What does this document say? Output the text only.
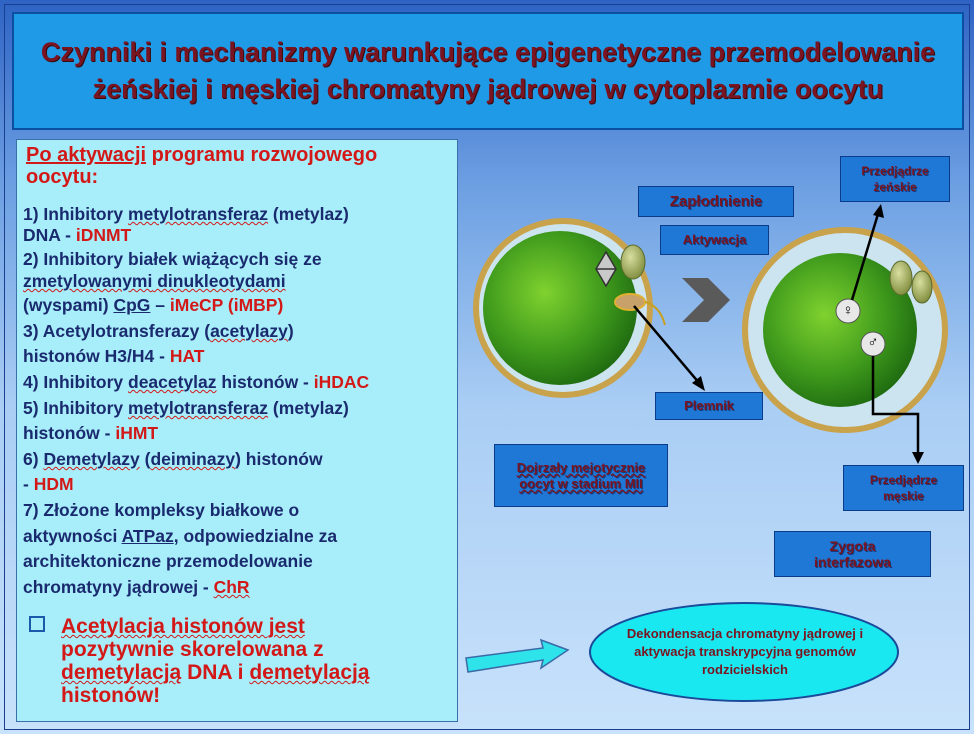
Czynniki i mechanizmy warunkujące epigenetyczne przemodelowanie żeńskiej i męskiej chromatyny jądrowej w cytoplazmie oocytu
Po aktywacji programu rozwojowego
oocytu:
1) Inhibitory metylotransferaz (metylaz)
DNA - iDNMT
2) Inhibitory białek wiążących się ze
zmetylowanymi dinukleotydami
(wyspami) CpG – iMeCP (iMBP)
3) Acetylotransferazy (acetylazy)
histonów H3/H4 - HAT
4) Inhibitory deacetylaz histonów - iHDAC
5) Inhibitory metylotransferaz (metylaz)
histonów - iHMT
6) Demetylazy (deiminazy) histonów
- HDM
7) Złożone kompleksy białkowe o
aktywności ATPaz, odpowiedzialne za
architektoniczne przemodelowanie
chromatyny jądrowej - ChR
Acetylacja histonów jest
pozytywnie skorelowana z
demetylacją DNA i demetylacją
histonów!
♀
♂
Zapłodnienie
Aktywacja
Plemnik
Dojrzały mejotycznie oocyt w stadium MII
Przedjądrze żeńskie
Przedjądrze męskie
Zygota interfazowa
Dekondensacja chromatyny jądrowej i aktywacja transkrypcyjna genomów rodzicielskich
